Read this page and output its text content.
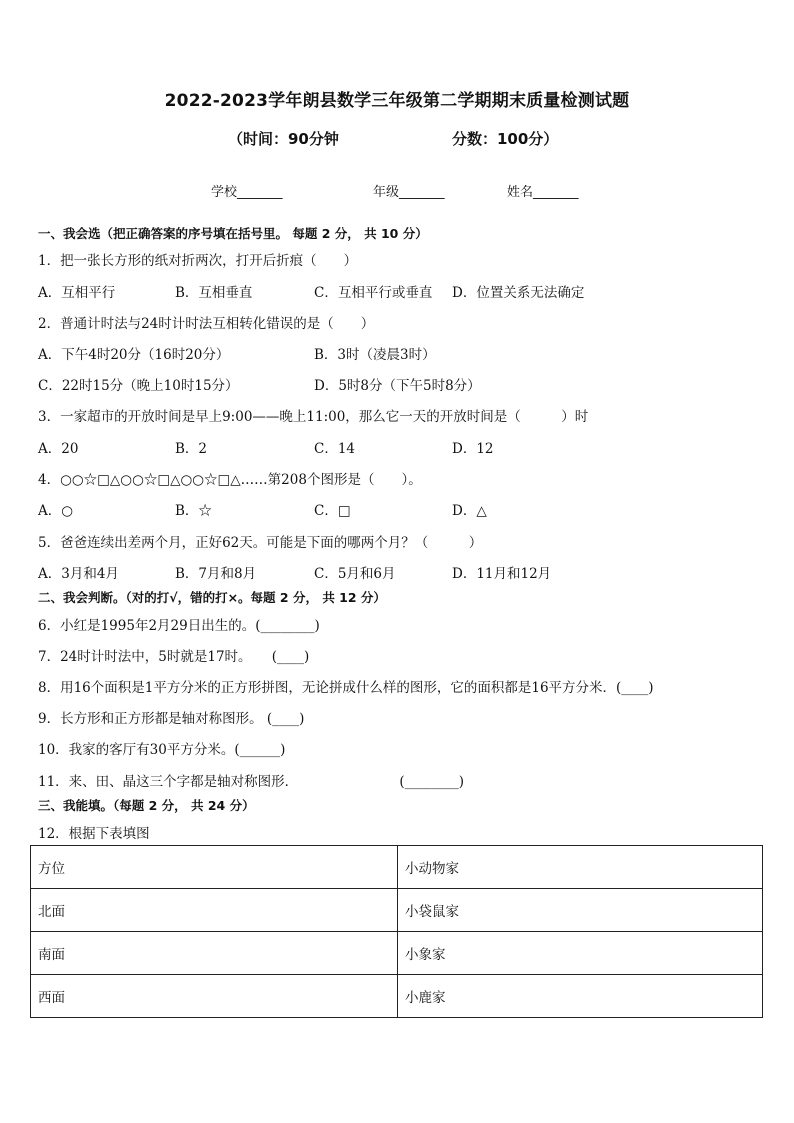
2022-2023学年朗县数学三年级第二学期期末质量检测试题
（时间：90分钟	分数：100分）
学校_______	年级_______	姓名_______
一、我会选（把正确答案的序号填在括号里。 每题 2 分， 共 10 分）
1．把一张长方形的纸对折两次，打开后折痕（　　）
A．互相平行	B．互相垂直	C．互相平行或垂直 D．位置关系无法确定
2．普通计时法与24时计时法互相转化错误的是（　　）
A．下午4时20分（16时20分）	B．3时（凌晨3时）
C．22时15分（晚上10时15分）	D．5时8分（下午5时8分）
3．一家超市的开放时间是早上9:00——晚上11:00，那么它一天的开放时间是（　　　）时
A．20	B．2	C．14	D．12
4．○○☆□△○○☆□△○○☆□△……第208个图形是（　　）。
A．○	B．☆	C．□	D．△
5．爸爸连续出差两个月，正好62天。可能是下面的哪两个月？（　　　）
A．3月和4月	B．7月和8月	C．5月和6月	D．11月和12月
二、我会判断。（对的打√，错的打×。每题 2 分， 共 12 分）
6．小红是1995年2月29日出生的。(________)
7．24时计时法中，5时就是17时。　　(____)
8．用16个面积是1平方分米的正方形拼图，无论拼成什么样的图形，它的面积都是16平方分米．(____)
9．长方形和正方形都是轴对称图形。 (____)
10．我家的客厅有30平方分米。(______)
11．来、田、晶这三个字都是轴对称图形．　　　　　　　　(________)
三、我能填。（每题 2 分， 共 24 分）
12．根据下表填图
方位	小动物家
北面	小袋鼠家
南面	小象家
西面	小鹿家
